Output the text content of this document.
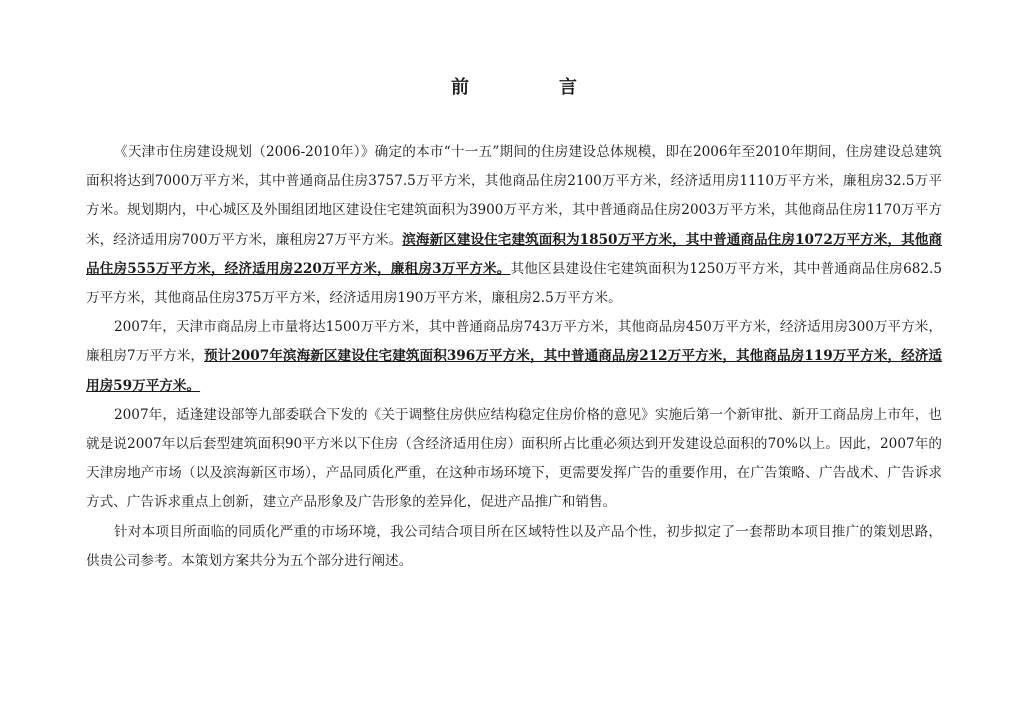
前　言

《天津市住房建设规划（2006-2010年）》确定的本市“十一五”期间的住房建设总体规模，即在2006年至2010年期间，住房建设总建筑面积将达到7000万平方米，其中普通商品住房3757.5万平方米，其他商品住房2100万平方米，经济适用房1110万平方米，廉租房32.5万平方米。规划期内，中心城区及外围组团地区建设住宅建筑面积为3900万平方米，其中普通商品住房2003万平方米，其他商品住房1170万平方米，经济适用房700万平方米，廉租房27万平方米。滨海新区建设住宅建筑面积为1850万平方米，其中普通商品住房1072万平方米，其他商品住房555万平方米，经济适用房220万平方米，廉租房3万平方米。其他区县建设住宅建筑面积为1250万平方米，其中普通商品住房682.5万平方米，其他商品住房375万平方米，经济适用房190万平方米，廉租房2.5万平方米。

2007年，天津市商品房上市量将达1500万平方米，其中普通商品房743万平方米，其他商品房450万平方米，经济适用房300万平方米，廉租房7万平方米，预计2007年滨海新区建设住宅建筑面积396万平方米，其中普通商品房212万平方米，其他商品房119万平方米，经济适用房59万平方米。

2007年，适逢建设部等九部委联合下发的《关于调整住房供应结构稳定住房价格的意见》实施后第一个新审批、新开工商品房上市年，也就是说2007年以后套型建筑面积90平方米以下住房（含经济适用住房）面积所占比重必须达到开发建设总面积的70%以上。因此，2007年的天津房地产市场（以及滨海新区市场），产品同质化严重，在这种市场环境下，更需要发挥广告的重要作用，在广告策略、广告战术、广告诉求方式、广告诉求重点上创新，建立产品形象及广告形象的差异化，促进产品推广和销售。

针对本项目所面临的同质化严重的市场环境，我公司结合项目所在区域特性以及产品个性，初步拟定了一套帮助本项目推广的策划思路，供贵公司参考。本策划方案共分为五个部分进行阐述。
